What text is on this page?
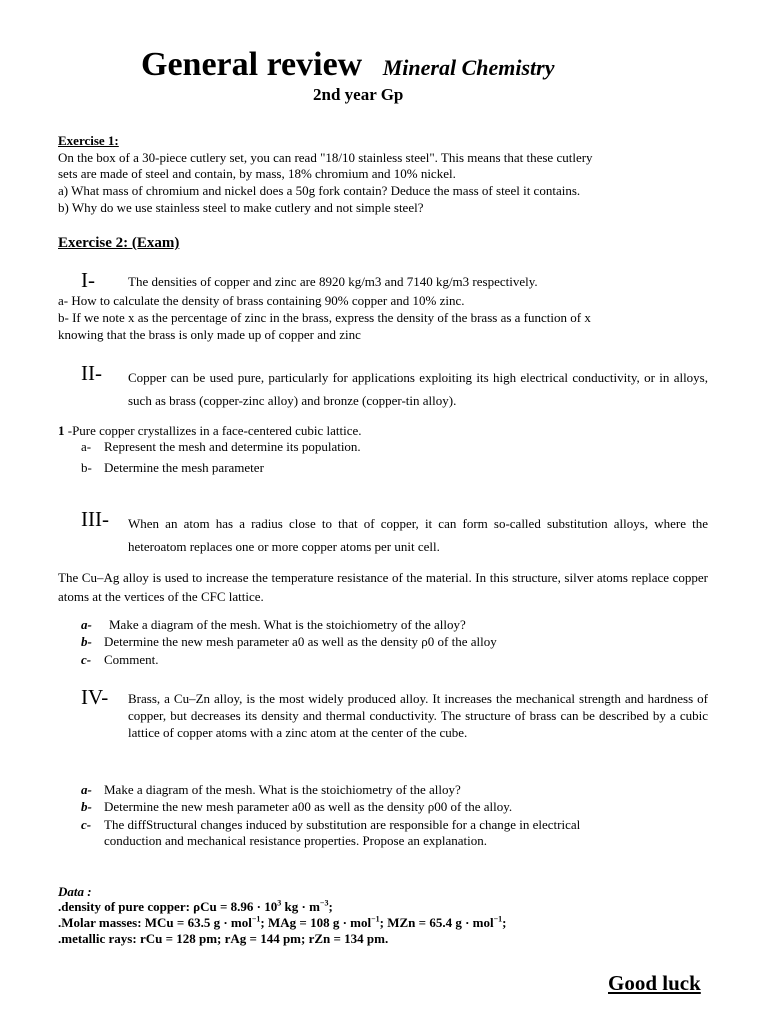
General review Mineral Chemistry
2nd year Gp
Exercise 1:
On the box of a 30-piece cutlery set, you can read "18/10 stainless steel". This means that these cutlery
sets are made of steel and contain, by mass, 18% chromium and 10% nickel.
a) What mass of chromium and nickel does a 50g fork contain? Deduce the mass of steel it contains.
b) Why do we use stainless steel to make cutlery and not simple steel?
Exercise 2: (Exam)
I-	The densities of copper and zinc are 8920 kg/m3 and 7140 kg/m3 respectively.
a- How to calculate the density of brass containing 90% copper and 10% zinc.
b- If we note x as the percentage of zinc in the brass, express the density of the brass as a function of x
knowing that the brass is only made up of copper and zinc
II- Copper can be used pure, particularly for applications exploiting its high electrical conductivity, or in alloys, such as brass (copper-zinc alloy) and bronze (copper-tin alloy).
1 -Pure copper crystallizes in a face-centered cubic lattice.
a- Represent the mesh and determine its population.
b- Determine the mesh parameter
III- When an atom has a radius close to that of copper, it can form so-called substitution alloys, where the heteroatom replaces one or more copper atoms per unit cell.
The Cu–Ag alloy is used to increase the temperature resistance of the material. In this structure, silver atoms replace copper atoms at the vertices of the CFC lattice.
a- Make a diagram of the mesh. What is the stoichiometry of the alloy?
b- Determine the new mesh parameter a0 as well as the density ρ0 of the alloy
c- Comment.
IV- Brass, a Cu–Zn alloy, is the most widely produced alloy. It increases the mechanical strength and hardness of copper, but decreases its density and thermal conductivity. The structure of brass can be described by a cubic lattice of copper atoms with a zinc atom at the center of the cube.
a- Make a diagram of the mesh. What is the stoichiometry of the alloy?
b- Determine the new mesh parameter a00 as well as the density ρ00 of the alloy.
c- The diffStructural changes induced by substitution are responsible for a change in electrical
conduction and mechanical resistance properties. Propose an explanation.
Data :
.density of pure copper: $\rho Cu = 8.96 \cdot 10^3$ kg · $m^{-3}$;
.Molar masses: MCu = 63.5 g · mol$^{-1}$; MAg = 108 g · mol$^{-1}$; MZn = 65.4 g · mol$^{-1}$;
.metallic rays: rCu = 128 pm; rAg = 144 pm; rZn = 134 pm.
Good luck
